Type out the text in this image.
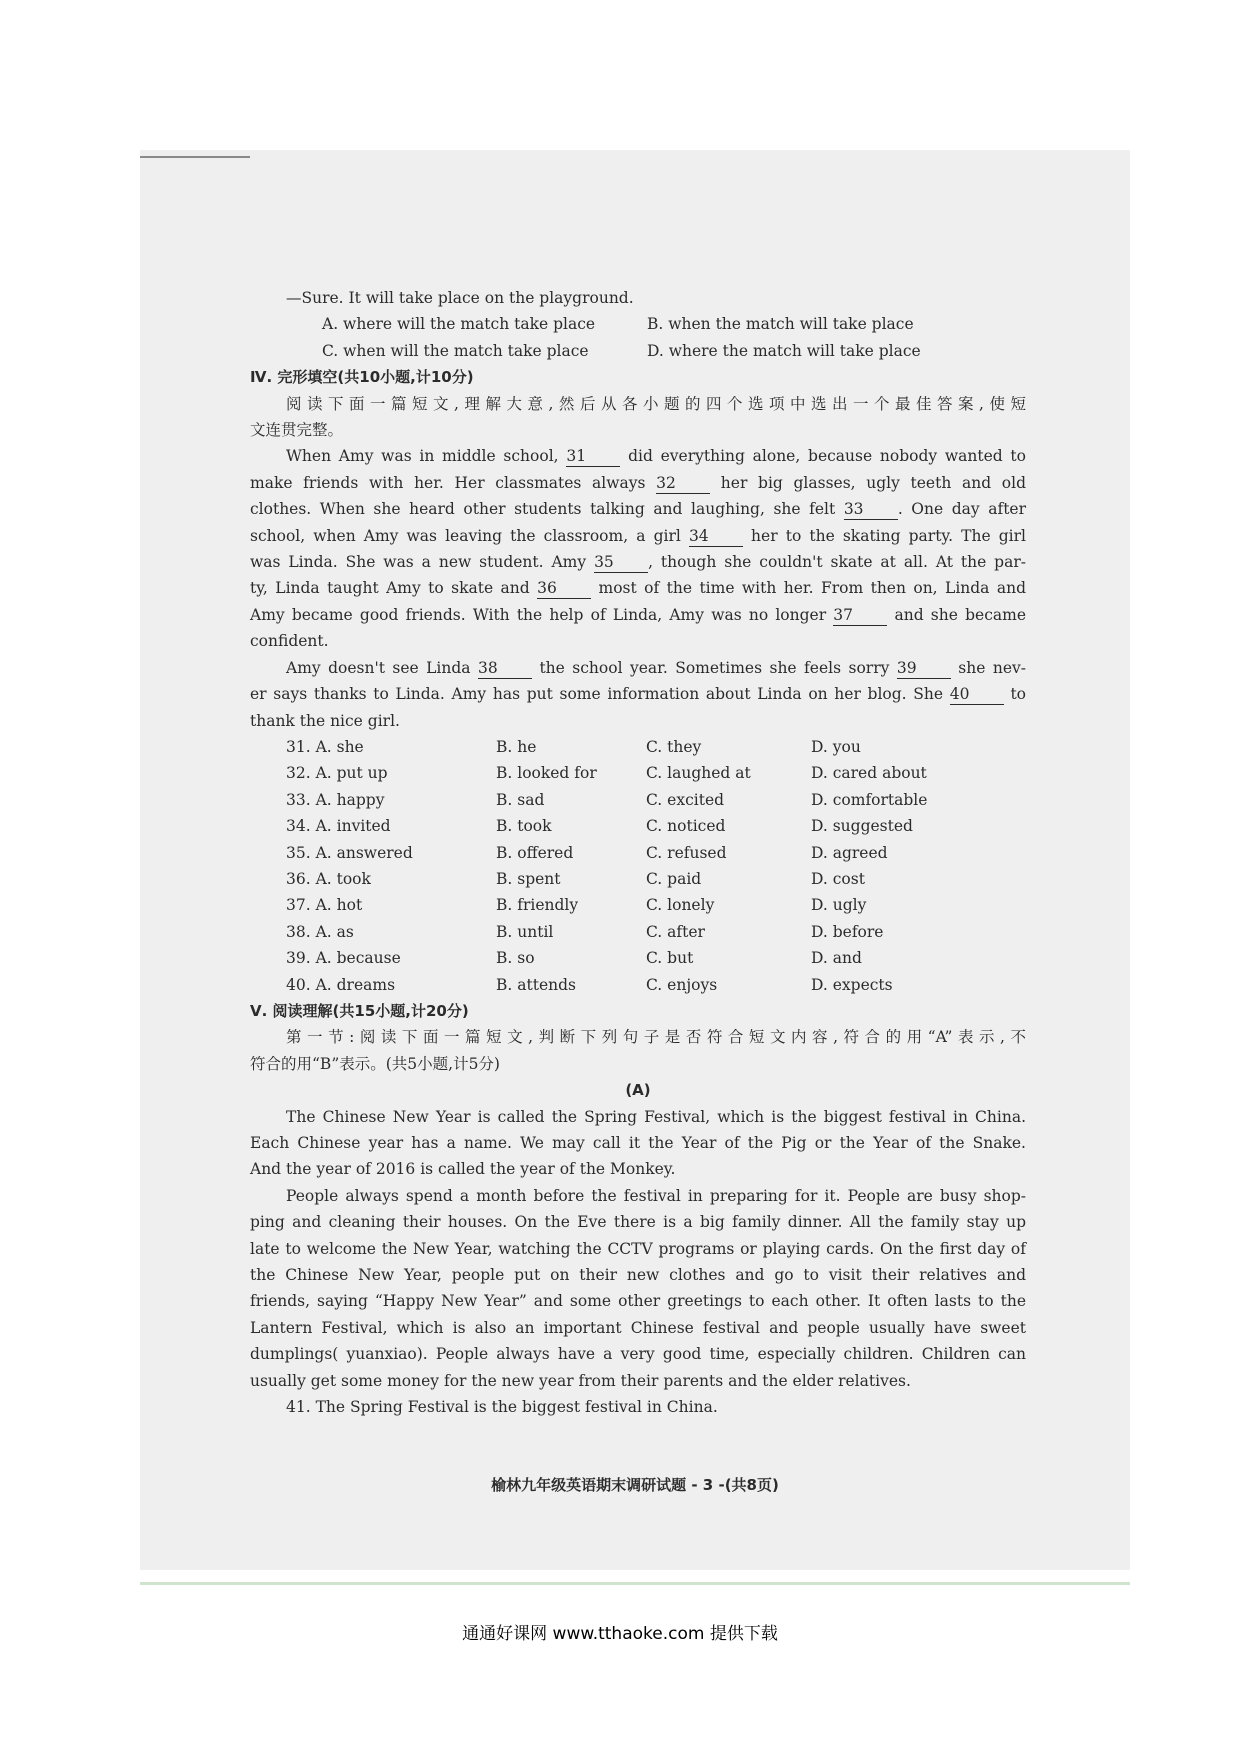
—Sure. It will take place on the playground.
A. where will the match take place	B. when the match will take place
C. when will the match take place	D. where the match will take place
Ⅳ. 完形填空(共10小题,计10分)
阅读下面一篇短文,理解大意,然后从各小题的四个选项中选出一个最佳答案,使短
文连贯完整。
When Amy was in middle school, 31	did everything alone, because nobody wanted to
make friends with her. Her classmates always 32	her big glasses, ugly teeth and old
clothes. When she heard other students talking and laughing, she felt 33 . One day after
school, when Amy was leaving the classroom, a girl 34	her to the skating party. The girl
was Linda. She was a new student. Amy 35 , though she couldn't skate at all. At the par-
ty, Linda taught Amy to skate and 36	most of the time with her. From then on, Linda and
Amy became good friends. With the help of Linda, Amy was no longer 37	and she became
confident.
Amy doesn't see Linda 38	the school year. Sometimes she feels sorry 39	she nev-
er says thanks to Linda. Amy has put some information about Linda on her blog. She 40	to
thank the nice girl.
31. A. she	B. he	C. they	D. you
32. A. put up	B. looked for	C. laughed at	D. cared about
33. A. happy	B. sad	C. excited	D. comfortable
34. A. invited	B. took	C. noticed	D. suggested
35. A. answered	B. offered	C. refused	D. agreed
36. A. took	B. spent	C. paid	D. cost
37. A. hot	B. friendly	C. lonely	D. ugly
38. A. as	B. until	C. after	D. before
39. A. because	B. so	C. but	D. and
40. A. dreams	B. attends	C. enjoys	D. expects
Ⅴ. 阅读理解(共15小题,计20分)
第一节:阅读下面一篇短文,判断下列句子是否符合短文内容,符合的用“A”表示,不
符合的用“B”表示。(共5小题,计5分)
(A)
The Chinese New Year is called the Spring Festival, which is the biggest festival in China.
Each Chinese year has a name. We may call it the Year of the Pig or the Year of the Snake.
And the year of 2016 is called the year of the Monkey.
People always spend a month before the festival in preparing for it. People are busy shop-
ping and cleaning their houses. On the Eve there is a big family dinner. All the family stay up
late to welcome the New Year, watching the CCTV programs or playing cards. On the first day of
the Chinese New Year, people put on their new clothes and go to visit their relatives and
friends, saying “Happy New Year” and some other greetings to each other. It often lasts to the
Lantern Festival, which is also an important Chinese festival and people usually have sweet
dumplings( yuanxiao). People always have a very good time, especially children. Children can
usually get some money for the new year from their parents and the elder relatives.
41. The Spring Festival is the biggest festival in China.
榆林九年级英语期末调研试题 - 3 -(共8页)
通通好课网 www.tthaoke.com 提供下载
